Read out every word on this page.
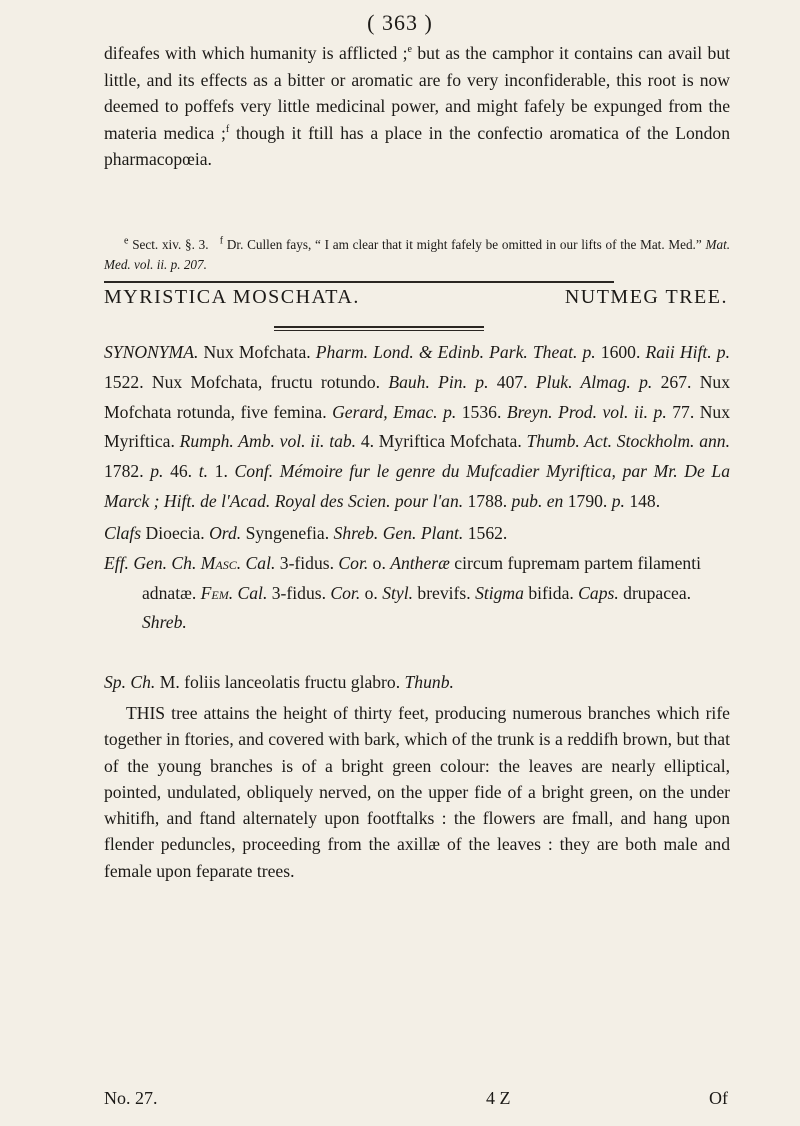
( 363 )

difeafes with which humanity is afflicted ;$^e$ but as the camphor it contains can avail but little, and its effects as a bitter or aromatic are fo very inconfiderable, this root is now deemed to poffefs very little medicinal power, and might fafely be expunged from the materia medica ;$^f$ though it ftill has a place in the confectio aromatica of the London pharmacopœia.

$^e$ Sect. xiv. §. 3. $^f$ Dr. Cullen fays, “ I am clear that it might fafely be omitted in our lifts of the Mat. Med.” Mat. Med. vol. ii. p. 207.

MYRISTICA MOSCHATA.	NUTMEG TREE.

SYNONYMA. Nux Mofchata. Pharm. Lond. & Edinb. Park. Theat. p. 1600. Raii Hift. p. 1522. Nux Mofchata, fructu rotundo. Bauh. Pin. p. 407. Pluk. Almag. p. 267. Nux Mofchata rotunda, five femina. Gerard, Emac. p. 1536. Breyn. Prod. vol. ii. p. 77. Nux Myriftica. Rumph. Amb. vol. ii. tab. 4. Myriftica Mofchata. Thumb. Act. Stockholm. ann. 1782. p. 46. t. 1. Conf. Mémoire fur le genre du Mufcadier Myriftica, par Mr. De La Marck ; Hift. de l'Acad. Royal des Scien. pour l'an. 1788. pub. en 1790. p. 148.

Clafs Dioecia. Ord. Syngenefia. Shreb. Gen. Plant. 1562.

Eff. Gen. Ch. Masc. Cal. 3-fidus. Cor. o. Antheræ circum fupremam partem filamenti adnatæ. Fem. Cal. 3-fidus. Cor. o. Styl. brevifs. Stigma bifida. Caps. drupacea. Shreb.

Sp. Ch. M. foliis lanceolatis fructu glabro. Thunb.

THIS tree attains the height of thirty feet, producing numerous branches which rife together in ftories, and covered with bark, which of the trunk is a reddifh brown, but that of the young branches is of a bright green colour: the leaves are nearly elliptical, pointed, undulated, obliquely nerved, on the upper fide of a bright green, on the under whitifh, and ftand alternately upon footftalks : the flowers are fmall, and hang upon flender peduncles, proceeding from the axillæ of the leaves : they are both male and female upon feparate trees.

No. 27.	4 Z	Of
